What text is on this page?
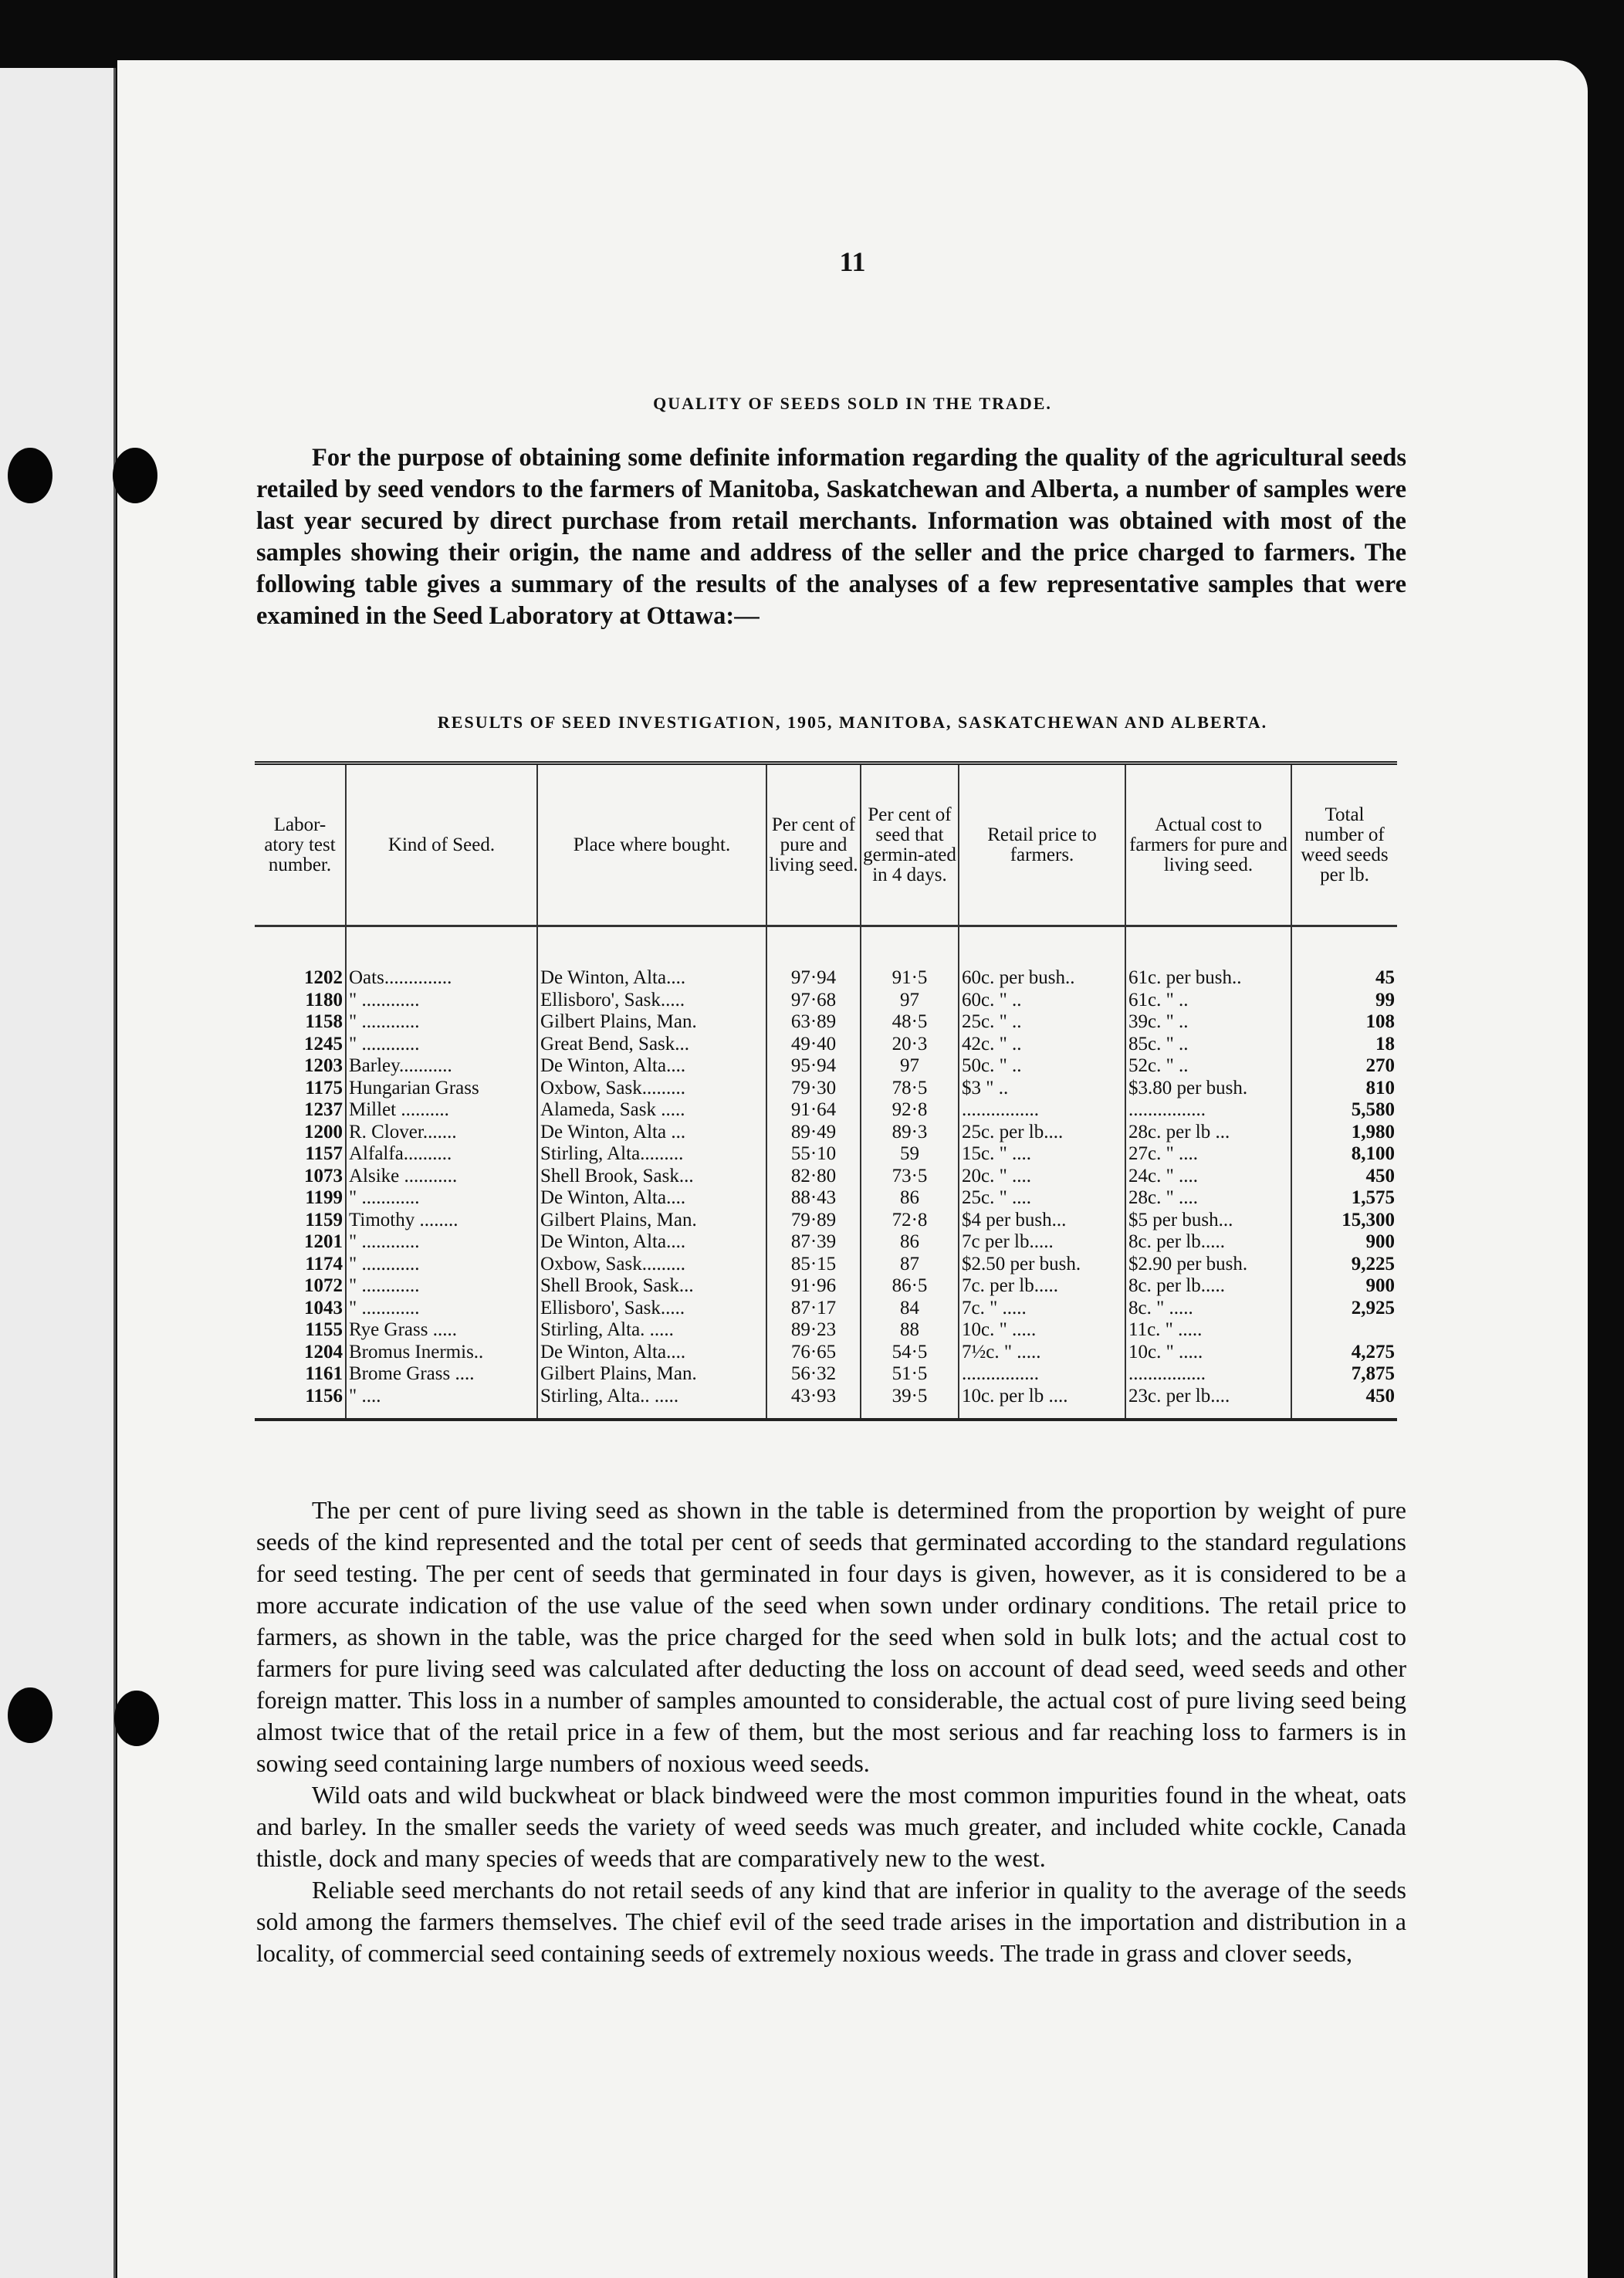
11
QUALITY OF SEEDS SOLD IN THE TRADE.

For the purpose of obtaining some definite information regarding the quality of the agricultural seeds retailed by seed vendors to the farmers of Manitoba, Saskatchewan and Alberta, a number of samples were last year secured by direct purchase from retail merchants. Information was obtained with most of the samples showing their origin, the name and address of the seller and the price charged to farmers. The following table gives a summary of the results of the analyses of a few representative samples that were examined in the Seed Laboratory at Ottawa:—

RESULTS OF SEED INVESTIGATION, 1905, MANITOBA, SASKATCHEWAN AND ALBERTA.
Labor-atory test number.	Kind of Seed.	Place where bought.	Per cent of pure and living seed.	Per cent of seed that germin-ated in 4 days.	Retail price to farmers.	Actual cost to farmers for pure and living seed.	Total number of weed seeds per lb.

1202	Oats..............	De Winton, Alta....	97·94	91·5	60c. per bush..	61c. per bush..	45
1180	" ............	Ellisboro', Sask.....	97·68	97	60c. " ..	61c. " ..	99
1158	" ............	Gilbert Plains, Man.	63·89	48·5	25c. " ..	39c. " ..	108
1245	" ............	Great Bend, Sask...	49·40	20·3	42c. " ..	85c. " ..	18
1203	Barley...........	De Winton, Alta....	95·94	97	50c. " ..	52c. " ..	270
1175	Hungarian Grass	Oxbow, Sask.........	79·30	78·5	$3 " ..	$3.80 per bush.	810
1237	Millet ..........	Alameda, Sask .....	91·64	92·8	................	................	5,580
1200	R. Clover.......	De Winton, Alta ...	89·49	89·3	25c. per lb....	28c. per lb ...	1,980
1157	Alfalfa..........	Stirling, Alta.........	55·10	59	15c. " ....	27c. " ....	8,100
1073	Alsike ...........	Shell Brook, Sask...	82·80	73·5	20c. " ....	24c. " ....	450
1199	" ............	De Winton, Alta....	88·43	86	25c. " ....	28c. " ....	1,575
1159	Timothy ........	Gilbert Plains, Man.	79·89	72·8	$4 per bush...	$5 per bush...	15,300
1201	" ............	De Winton, Alta....	87·39	86	7c per lb.....	8c. per lb.....	900
1174	" ............	Oxbow, Sask.........	85·15	87	$2.50 per bush.	$2.90 per bush.	9,225
1072	" ............	Shell Brook, Sask...	91·96	86·5	7c. per lb.....	8c. per lb.....	900
1043	" ............	Ellisboro', Sask.....	87·17	84	7c. " .....	8c. " .....	2,925
1155	Rye Grass .....	Stirling, Alta. .....	89·23	88	10c. " .....	11c. " .....	
1204	Bromus Inermis..	De Winton, Alta....	76·65	54·5	7½c. " .....	10c. " .....	4,275
1161	Brome Grass ....	Gilbert Plains, Man.	56·32	51·5	................	................	7,875
1156	" ....	Stirling, Alta.. .....	43·93	39·5	10c. per lb ....	23c. per lb....	450

The per cent of pure living seed as shown in the table is determined from the proportion by weight of pure seeds of the kind represented and the total per cent of seeds that germinated according to the standard regulations for seed testing. The per cent of seeds that germinated in four days is given, however, as it is considered to be a more accurate indication of the use value of the seed when sown under ordinary conditions. The retail price to farmers, as shown in the table, was the price charged for the seed when sold in bulk lots; and the actual cost to farmers for pure living seed was calculated after deducting the loss on account of dead seed, weed seeds and other foreign matter. This loss in a number of samples amounted to considerable, the actual cost of pure living seed being almost twice that of the retail price in a few of them, but the most serious and far reaching loss to farmers is in sowing seed containing large numbers of noxious weed seeds.

Wild oats and wild buckwheat or black bindweed were the most common impurities found in the wheat, oats and barley. In the smaller seeds the variety of weed seeds was much greater, and included white cockle, Canada thistle, dock and many species of weeds that are comparatively new to the west.

Reliable seed merchants do not retail seeds of any kind that are inferior in quality to the average of the seeds sold among the farmers themselves. The chief evil of the seed trade arises in the importation and distribution in a locality, of commercial seed containing seeds of extremely noxious weeds. The trade in grass and clover seeds,
